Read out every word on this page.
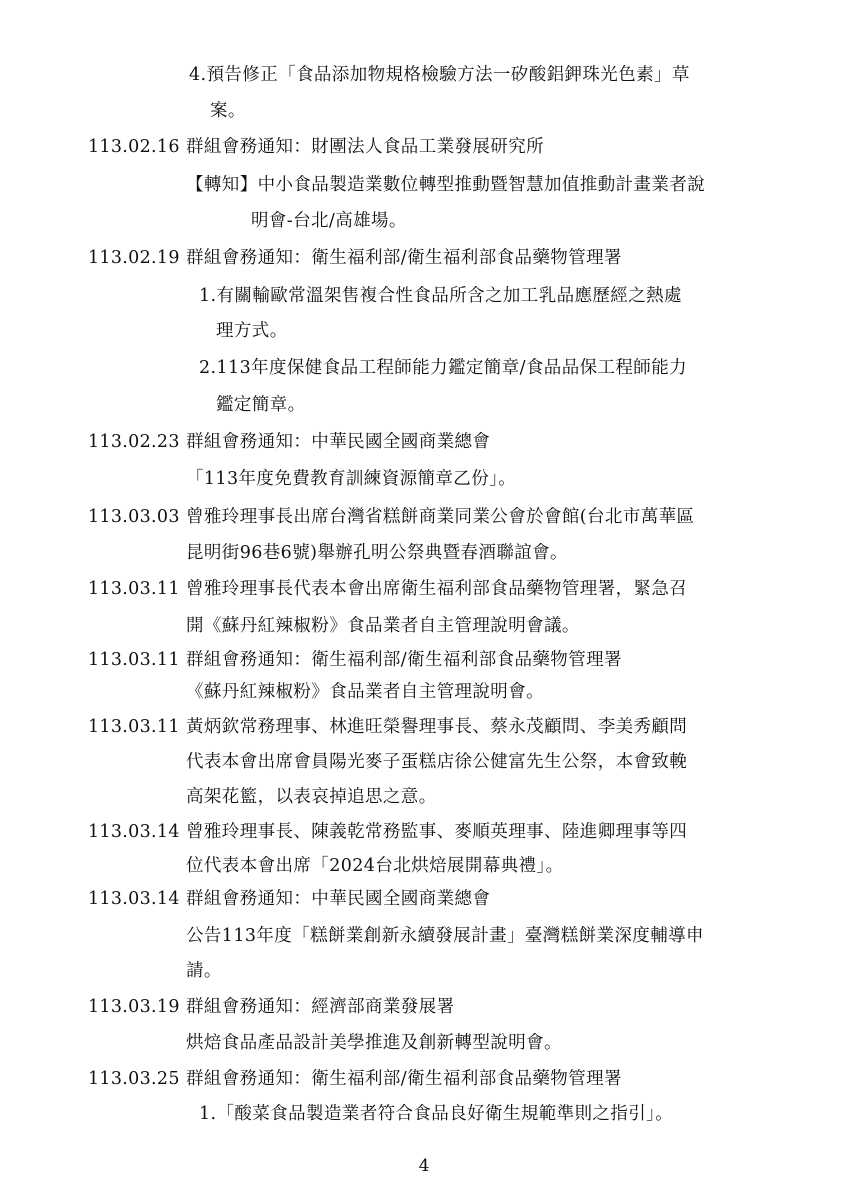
4.預告修正「食品添加物規格檢驗方法一矽酸鋁鉀珠光色素」草
案。
113.02.16 群組會務通知：財團法人食品工業發展研究所
【轉知】中小食品製造業數位轉型推動暨智慧加值推動計畫業者說
明會-台北/高雄場。
113.02.19 群組會務通知：衛生福利部/衛生福利部食品藥物管理署
1.有關輸歐常溫架售複合性食品所含之加工乳品應歷經之熱處
理方式。
2.113年度保健食品工程師能力鑑定簡章/食品品保工程師能力
鑑定簡章。
113.02.23 群組會務通知：中華民國全國商業總會
「113年度免費教育訓練資源簡章乙份」。
113.03.03 曾雅玲理事長出席台灣省糕餅商業同業公會於會館(台北市萬華區
昆明街96巷6號)舉辦孔明公祭典暨春酒聯誼會。
113.03.11 曾雅玲理事長代表本會出席衛生福利部食品藥物管理署，緊急召
開《蘇丹紅辣椒粉》食品業者自主管理說明會議。
113.03.11 群組會務通知：衛生福利部/衛生福利部食品藥物管理署
《蘇丹紅辣椒粉》食品業者自主管理說明會。
113.03.11 黃炳欽常務理事、林進旺榮譽理事長、蔡永茂顧問、李美秀顧問
代表本會出席會員陽光麥子蛋糕店徐公健富先生公祭，本會致輓
高架花籃，以表哀掉追思之意。
113.03.14 曾雅玲理事長、陳義乾常務監事、麥順英理事、陸進卿理事等四
位代表本會出席「2024台北烘焙展開幕典禮」。
113.03.14 群組會務通知：中華民國全國商業總會
公告113年度「糕餅業創新永續發展計畫」臺灣糕餅業深度輔導申
請。
113.03.19 群組會務通知：經濟部商業發展署
烘焙食品產品設計美學推進及創新轉型說明會。
113.03.25 群組會務通知：衛生福利部/衛生福利部食品藥物管理署
1.「酸菜食品製造業者符合食品良好衛生規範準則之指引」。
4
